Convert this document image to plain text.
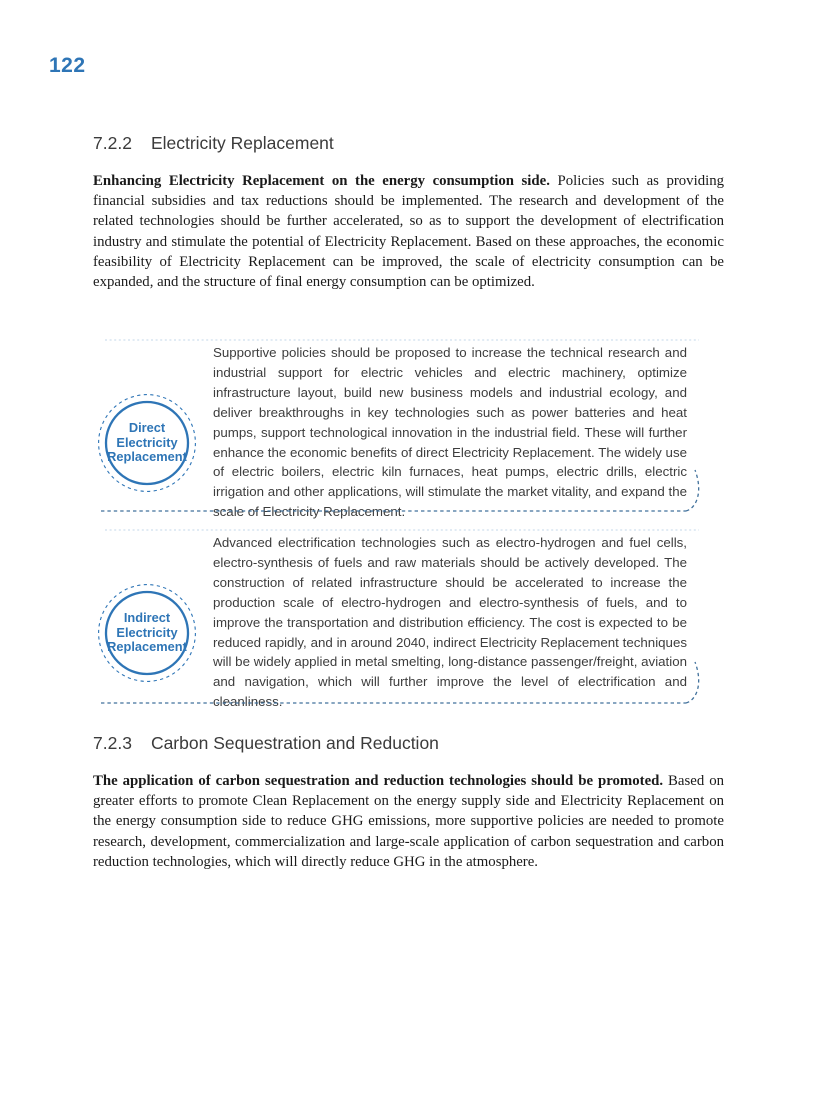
122
7.2.2 Electricity Replacement
Enhancing Electricity Replacement on the energy consumption side. Policies such as providing financial subsidies and tax reductions should be implemented. The research and development of the related technologies should be further accelerated, so as to support the development of electrification industry and stimulate the potential of Electricity Replacement. Based on these approaches, the economic feasibility of Electricity Replacement can be improved, the scale of electricity consumption can be expanded, and the structure of final energy consumption can be optimized.
Supportive policies should be proposed to increase the technical research and industrial support for electric vehicles and electric machinery, optimize infrastructure layout, build new business models and industrial ecology, and deliver breakthroughs in key technologies such as power batteries and heat pumps, support technological innovation in the industrial field. These will further enhance the economic benefits of direct Electricity Replacement. The widely use of electric boilers, electric kiln furnaces, heat pumps, electric drills, electric irrigation and other applications, will stimulate the market vitality, and expand the scale of Electricity Replacement.
Direct
Electricity
Replacement
Advanced electrification technologies such as electro-hydrogen and fuel cells, electro-synthesis of fuels and raw materials should be actively developed. The construction of related infrastructure should be accelerated to increase the production scale of electro-hydrogen and electro-synthesis of fuels, and to improve the transportation and distribution efficiency. The cost is expected to be reduced rapidly, and in around 2040, indirect Electricity Replacement techniques will be widely applied in metal smelting, long-distance passenger/freight, aviation and navigation, which will further improve the level of electrification and cleanliness.
Indirect
Electricity
Replacement
7.2.3 Carbon Sequestration and Reduction
The application of carbon sequestration and reduction technologies should be promoted. Based on greater efforts to promote Clean Replacement on the energy supply side and Electricity Replacement on the energy consumption side to reduce GHG emissions, more supportive policies are needed to promote research, development, commercialization and large-scale application of carbon sequestration and carbon reduction technologies, which will directly reduce GHG in the atmosphere.
